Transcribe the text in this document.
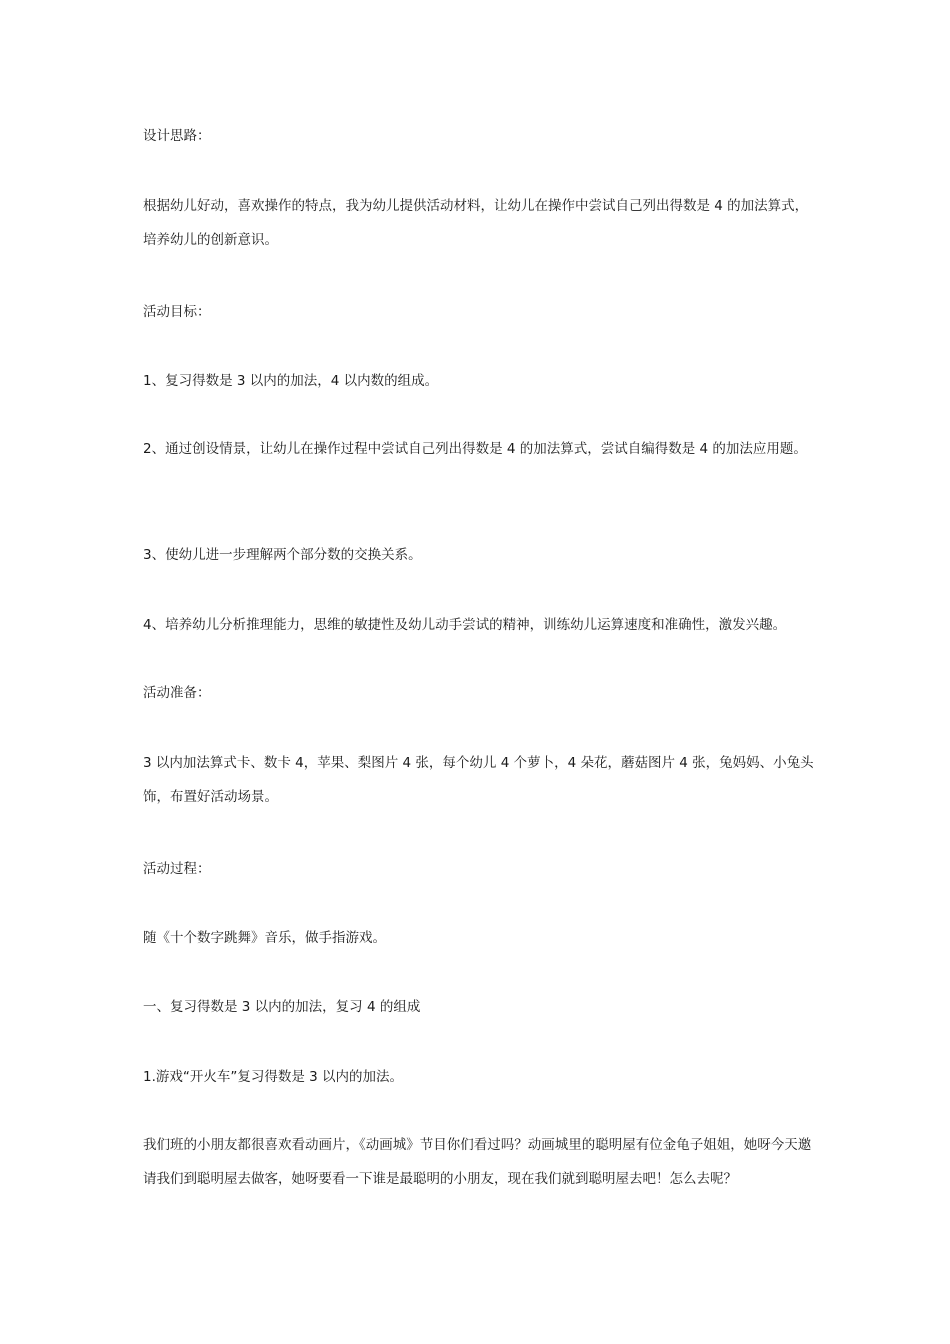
设计思路：

根据幼儿好动，喜欢操作的特点，我为幼儿提供活动材料，让幼儿在操作中尝试自己列出得数是 4 的加法算式，培养幼儿的创新意识。

活动目标：

1、复习得数是 3 以内的加法，4 以内数的组成。

2、通过创设情景，让幼儿在操作过程中尝试自己列出得数是 4 的加法算式，尝试自编得数是 4 的加法应用题。

3、使幼儿进一步理解两个部分数的交换关系。

4、培养幼儿分析推理能力，思维的敏捷性及幼儿动手尝试的精神，训练幼儿运算速度和准确性，激发兴趣。

活动准备：

3 以内加法算式卡、数卡 4，苹果、梨图片 4 张，每个幼儿 4 个萝卜，4 朵花，蘑菇图片 4 张，兔妈妈、小兔头饰，布置好活动场景。

活动过程：

随《十个数字跳舞》音乐，做手指游戏。

一、复习得数是 3 以内的加法，复习 4 的组成

1.游戏“开火车”复习得数是 3 以内的加法。

我们班的小朋友都很喜欢看动画片，《动画城》节目你们看过吗？动画城里的聪明屋有位金龟子姐姐，她呀今天邀请我们到聪明屋去做客，她呀要看一下谁是最聪明的小朋友，现在我们就到聪明屋去吧！怎么去呢？
